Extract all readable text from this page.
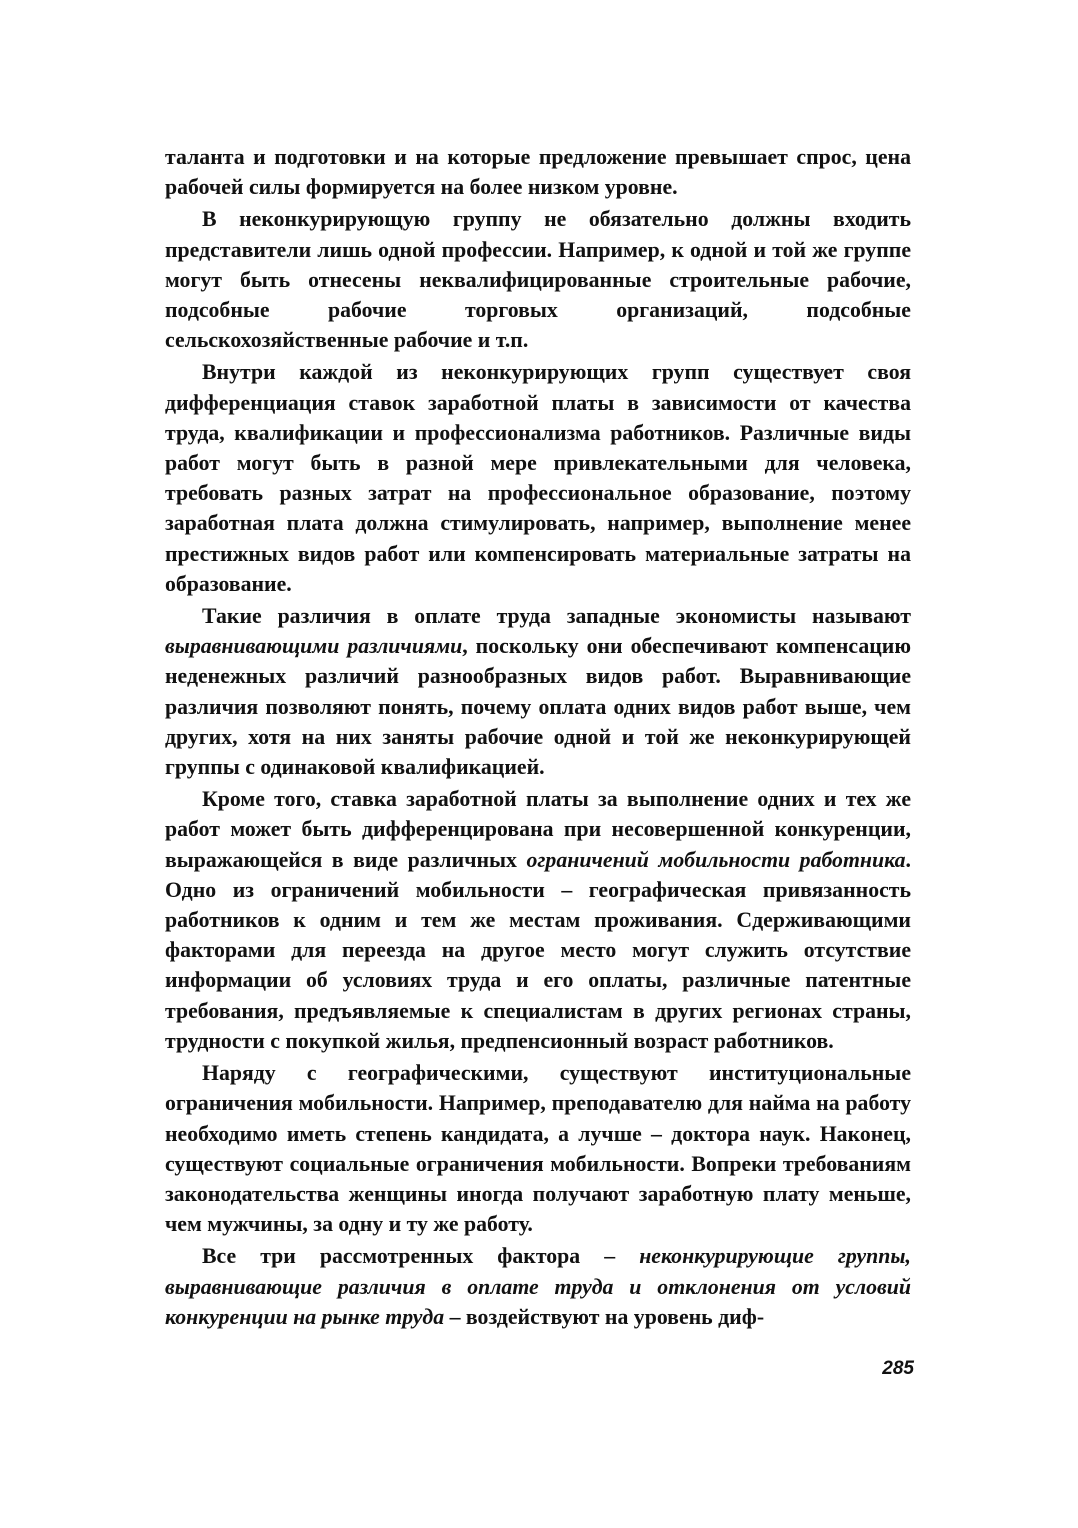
таланта и подготовки и на которые предложение превышает спрос, цена рабочей силы формируется на более низком уровне.

В неконкурирующую группу не обязательно должны входить представители лишь одной профессии. Например, к одной и той же группе могут быть отнесены неквалифицированные строительные рабочие, подсобные рабочие торговых организаций, подсобные сельскохозяйственные рабочие и т.п.

Внутри каждой из неконкурирующих групп существует своя дифференциация ставок заработной платы в зависимости от качества труда, квалификации и профессионализма работников. Различные виды работ могут быть в разной мере привлекательными для человека, требовать разных затрат на профессиональное образование, поэтому заработная плата должна стимулировать, например, выполнение менее престижных видов работ или компенсировать материальные затраты на образование.

Такие различия в оплате труда западные экономисты называют выравнивающими различиями, поскольку они обеспечивают компенсацию неденежных различий разнообразных видов работ. Выравнивающие различия позволяют понять, почему оплата одних видов работ выше, чем других, хотя на них заняты рабочие одной и той же неконкурирующей группы с одинаковой квалификацией.

Кроме того, ставка заработной платы за выполнение одних и тех же работ может быть дифференцирована при несовершенной конкуренции, выражающейся в виде различных ограничений мобильности работника. Одно из ограничений мобильности – географическая привязанность работников к одним и тем же местам проживания. Сдерживающими факторами для переезда на другое место могут служить отсутствие информации об условиях труда и его оплаты, различные патентные требования, предъявляемые к специалистам в других регионах страны, трудности с покупкой жилья, предпенсионный возраст работников.

Наряду с географическими, существуют институциональные ограничения мобильности. Например, преподавателю для найма на работу необходимо иметь степень кандидата, а лучше – доктора наук. Наконец, существуют социальные ограничения мобильности. Вопреки требованиям законодательства женщины иногда получают заработную плату меньше, чем мужчины, за одну и ту же работу.

Все три рассмотренных фактора – неконкурирующие группы, выравнивающие различия в оплате труда и отклонения от условий конкуренции на рынке труда – воздействуют на уровень диф-

285
